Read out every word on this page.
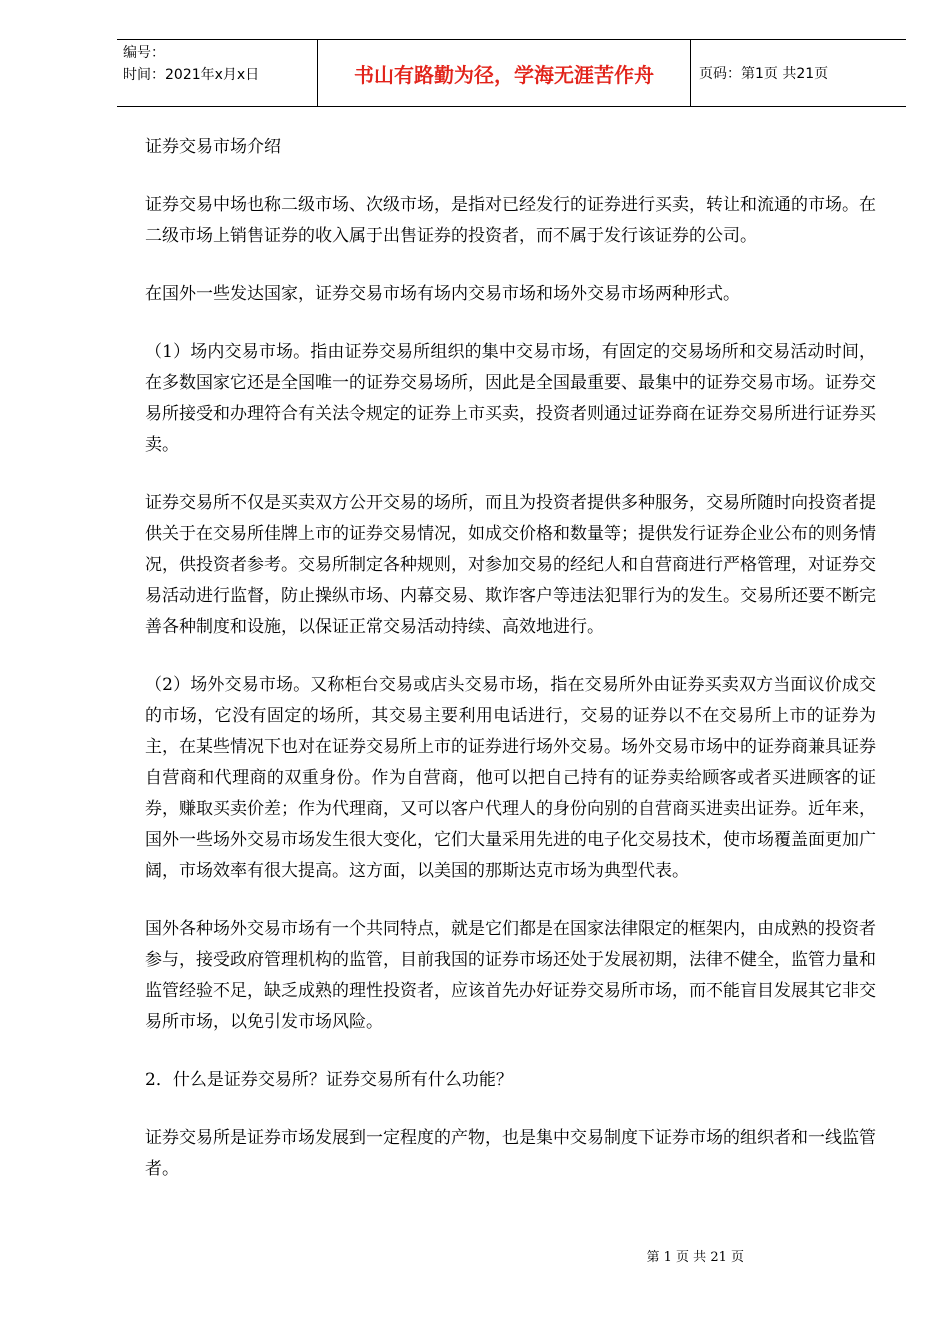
编号：
时间：2021年x月x日	书山有路勤为径，学海无涯苦作舟	页码：第1页 共21页

证券交易市场介绍

证券交易中场也称二级市场、次级市场，是指对已经发行的证券进行买卖，转让和流通的市场。在二级市场上销售证券的收入属于出售证券的投资者，而不属于发行该证券的公司。

在国外一些发达国家，证券交易市场有场内交易市场和场外交易市场两种形式。

（1）场内交易市场。指由证券交易所组织的集中交易市场，有固定的交易场所和交易活动时间，在多数国家它还是全国唯一的证券交易场所，因此是全国最重要、最集中的证券交易市场。证券交易所接受和办理符合有关法令规定的证券上市买卖，投资者则通过证券商在证券交易所进行证券买卖。

证券交易所不仅是买卖双方公开交易的场所，而且为投资者提供多种服务，交易所随时向投资者提供关于在交易所佳牌上市的证券交易情况，如成交价格和数量等；提供发行证券企业公布的则务情况，供投资者参考。交易所制定各种规则，对参加交易的经纪人和自营商进行严格管理，对证券交易活动进行监督，防止操纵市场、内幕交易、欺诈客户等违法犯罪行为的发生。交易所还要不断完善各种制度和设施，以保证正常交易活动持续、高效地进行。

（2）场外交易市场。又称柜台交易或店头交易市场，指在交易所外由证券买卖双方当面议价成交的市场，它没有固定的场所，其交易主要利用电话进行，交易的证券以不在交易所上市的证券为主，在某些情况下也对在证券交易所上市的证券进行场外交易。场外交易市场中的证券商兼具证券自营商和代理商的双重身份。作为自营商，他可以把自己持有的证券卖给顾客或者买进顾客的证券，赚取买卖价差；作为代理商，又可以客户代理人的身份向别的自营商买进卖出证券。近年来，国外一些场外交易市场发生很大变化，它们大量采用先进的电子化交易技术，使市场覆盖面更加广阔，市场效率有很大提高。这方面，以美国的那斯达克市场为典型代表。

国外各种场外交易市场有一个共同特点，就是它们都是在国家法律限定的框架内，由成熟的投资者参与，接受政府管理机构的监管，目前我国的证券市场还处于发展初期，法律不健全，监管力量和监管经验不足，缺乏成熟的理性投资者，应该首先办好证券交易所市场，而不能盲目发展其它非交易所市场，以免引发市场风险。

2．什么是证券交易所？证券交易所有什么功能？

证券交易所是证券市场发展到一定程度的产物，也是集中交易制度下证券市场的组织者和一线监管者。

第 1 页 共 21 页
